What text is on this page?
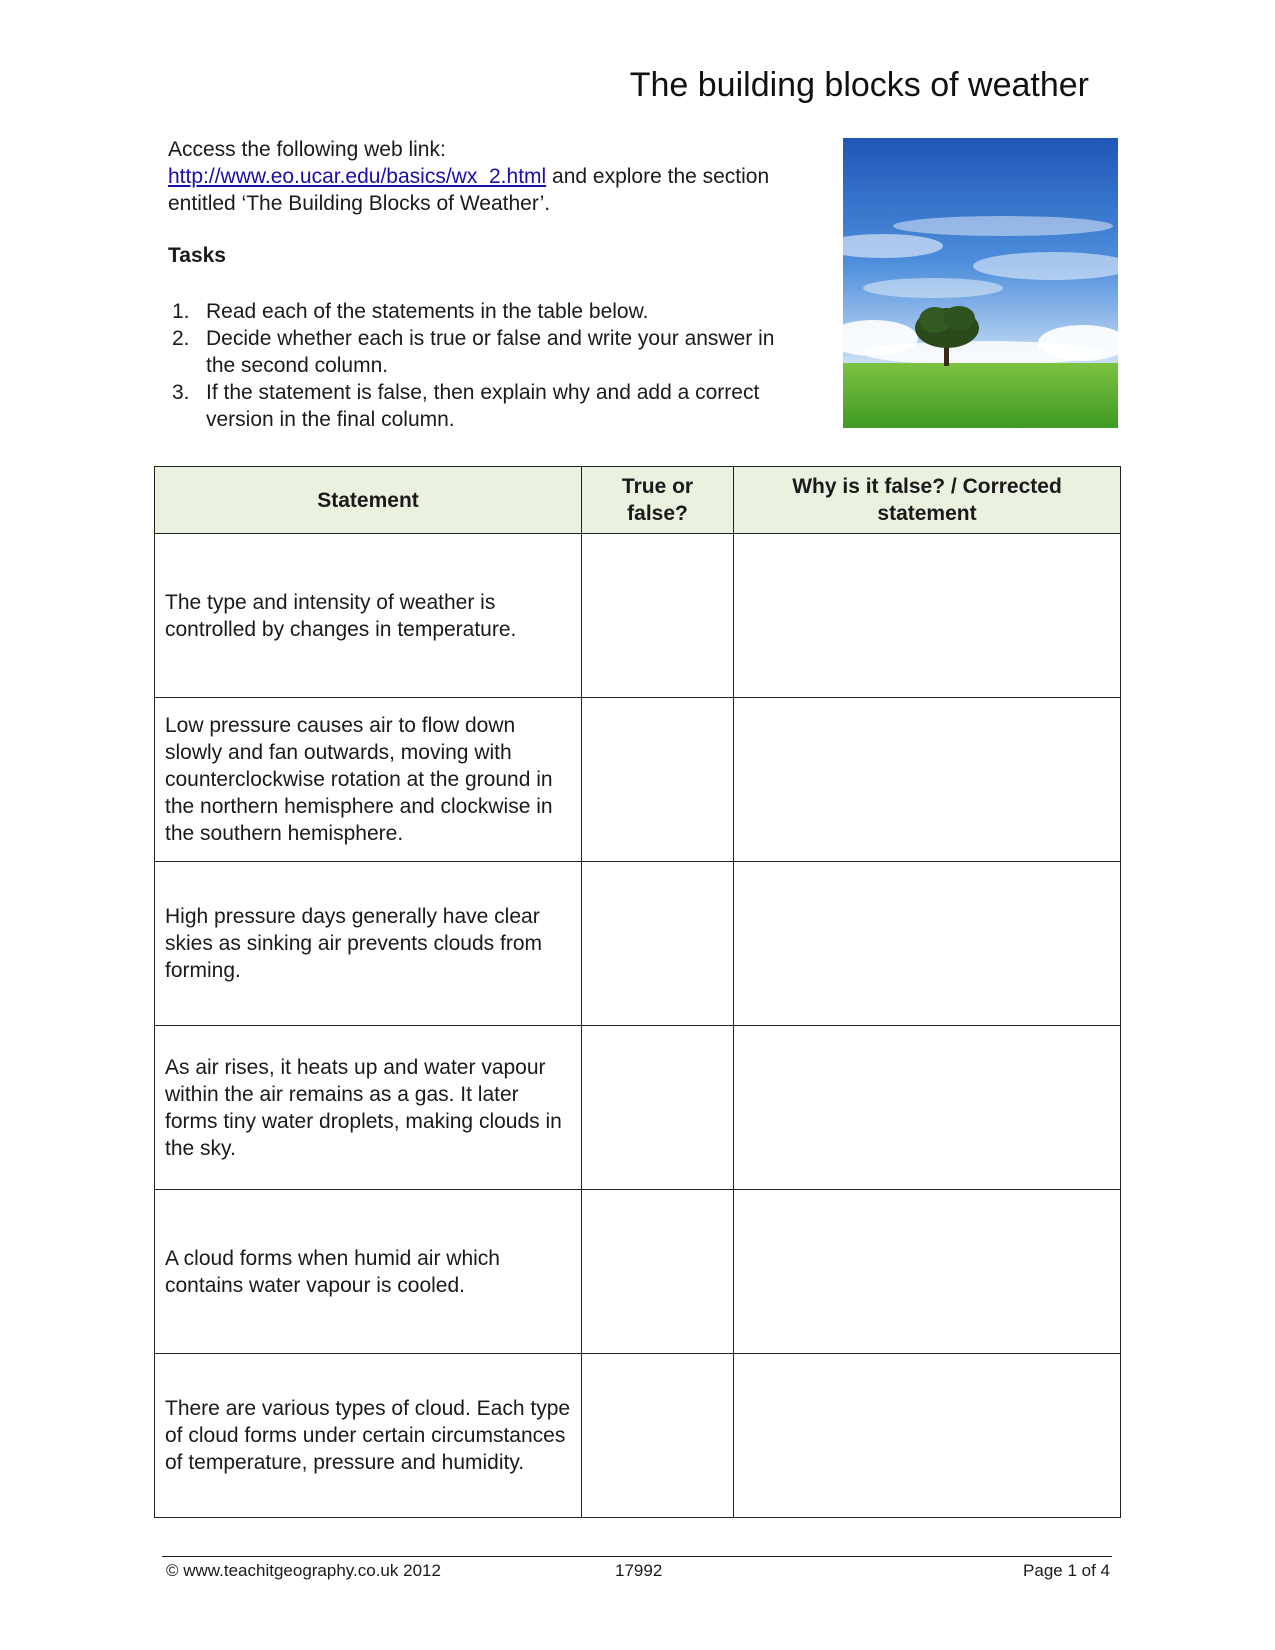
The building blocks of weather
Access the following web link:
http://www.eo.ucar.edu/basics/wx_2.html and explore the section entitled ‘The Building Blocks of Weather’.
Tasks
1. Read each of the statements in the table below.
2. Decide whether each is true or false and write your answer in the second column.
3. If the statement is false, then explain why and add a correct version in the final column.
Statement	True or false?	Why is it false? / Corrected statement
The type and intensity of weather is controlled by changes in temperature.		
Low pressure causes air to flow down slowly and fan outwards, moving with counterclockwise rotation at the ground in the northern hemisphere and clockwise in the southern hemisphere.		
High pressure days generally have clear skies as sinking air prevents clouds from forming.		
As air rises, it heats up and water vapour within the air remains as a gas. It later forms tiny water droplets, making clouds in the sky.		
A cloud forms when humid air which contains water vapour is cooled.		
There are various types of cloud. Each type of cloud forms under certain circumstances of temperature, pressure and humidity.		
© www.teachitgeography.co.uk 2012	17992	Page 1 of 4
